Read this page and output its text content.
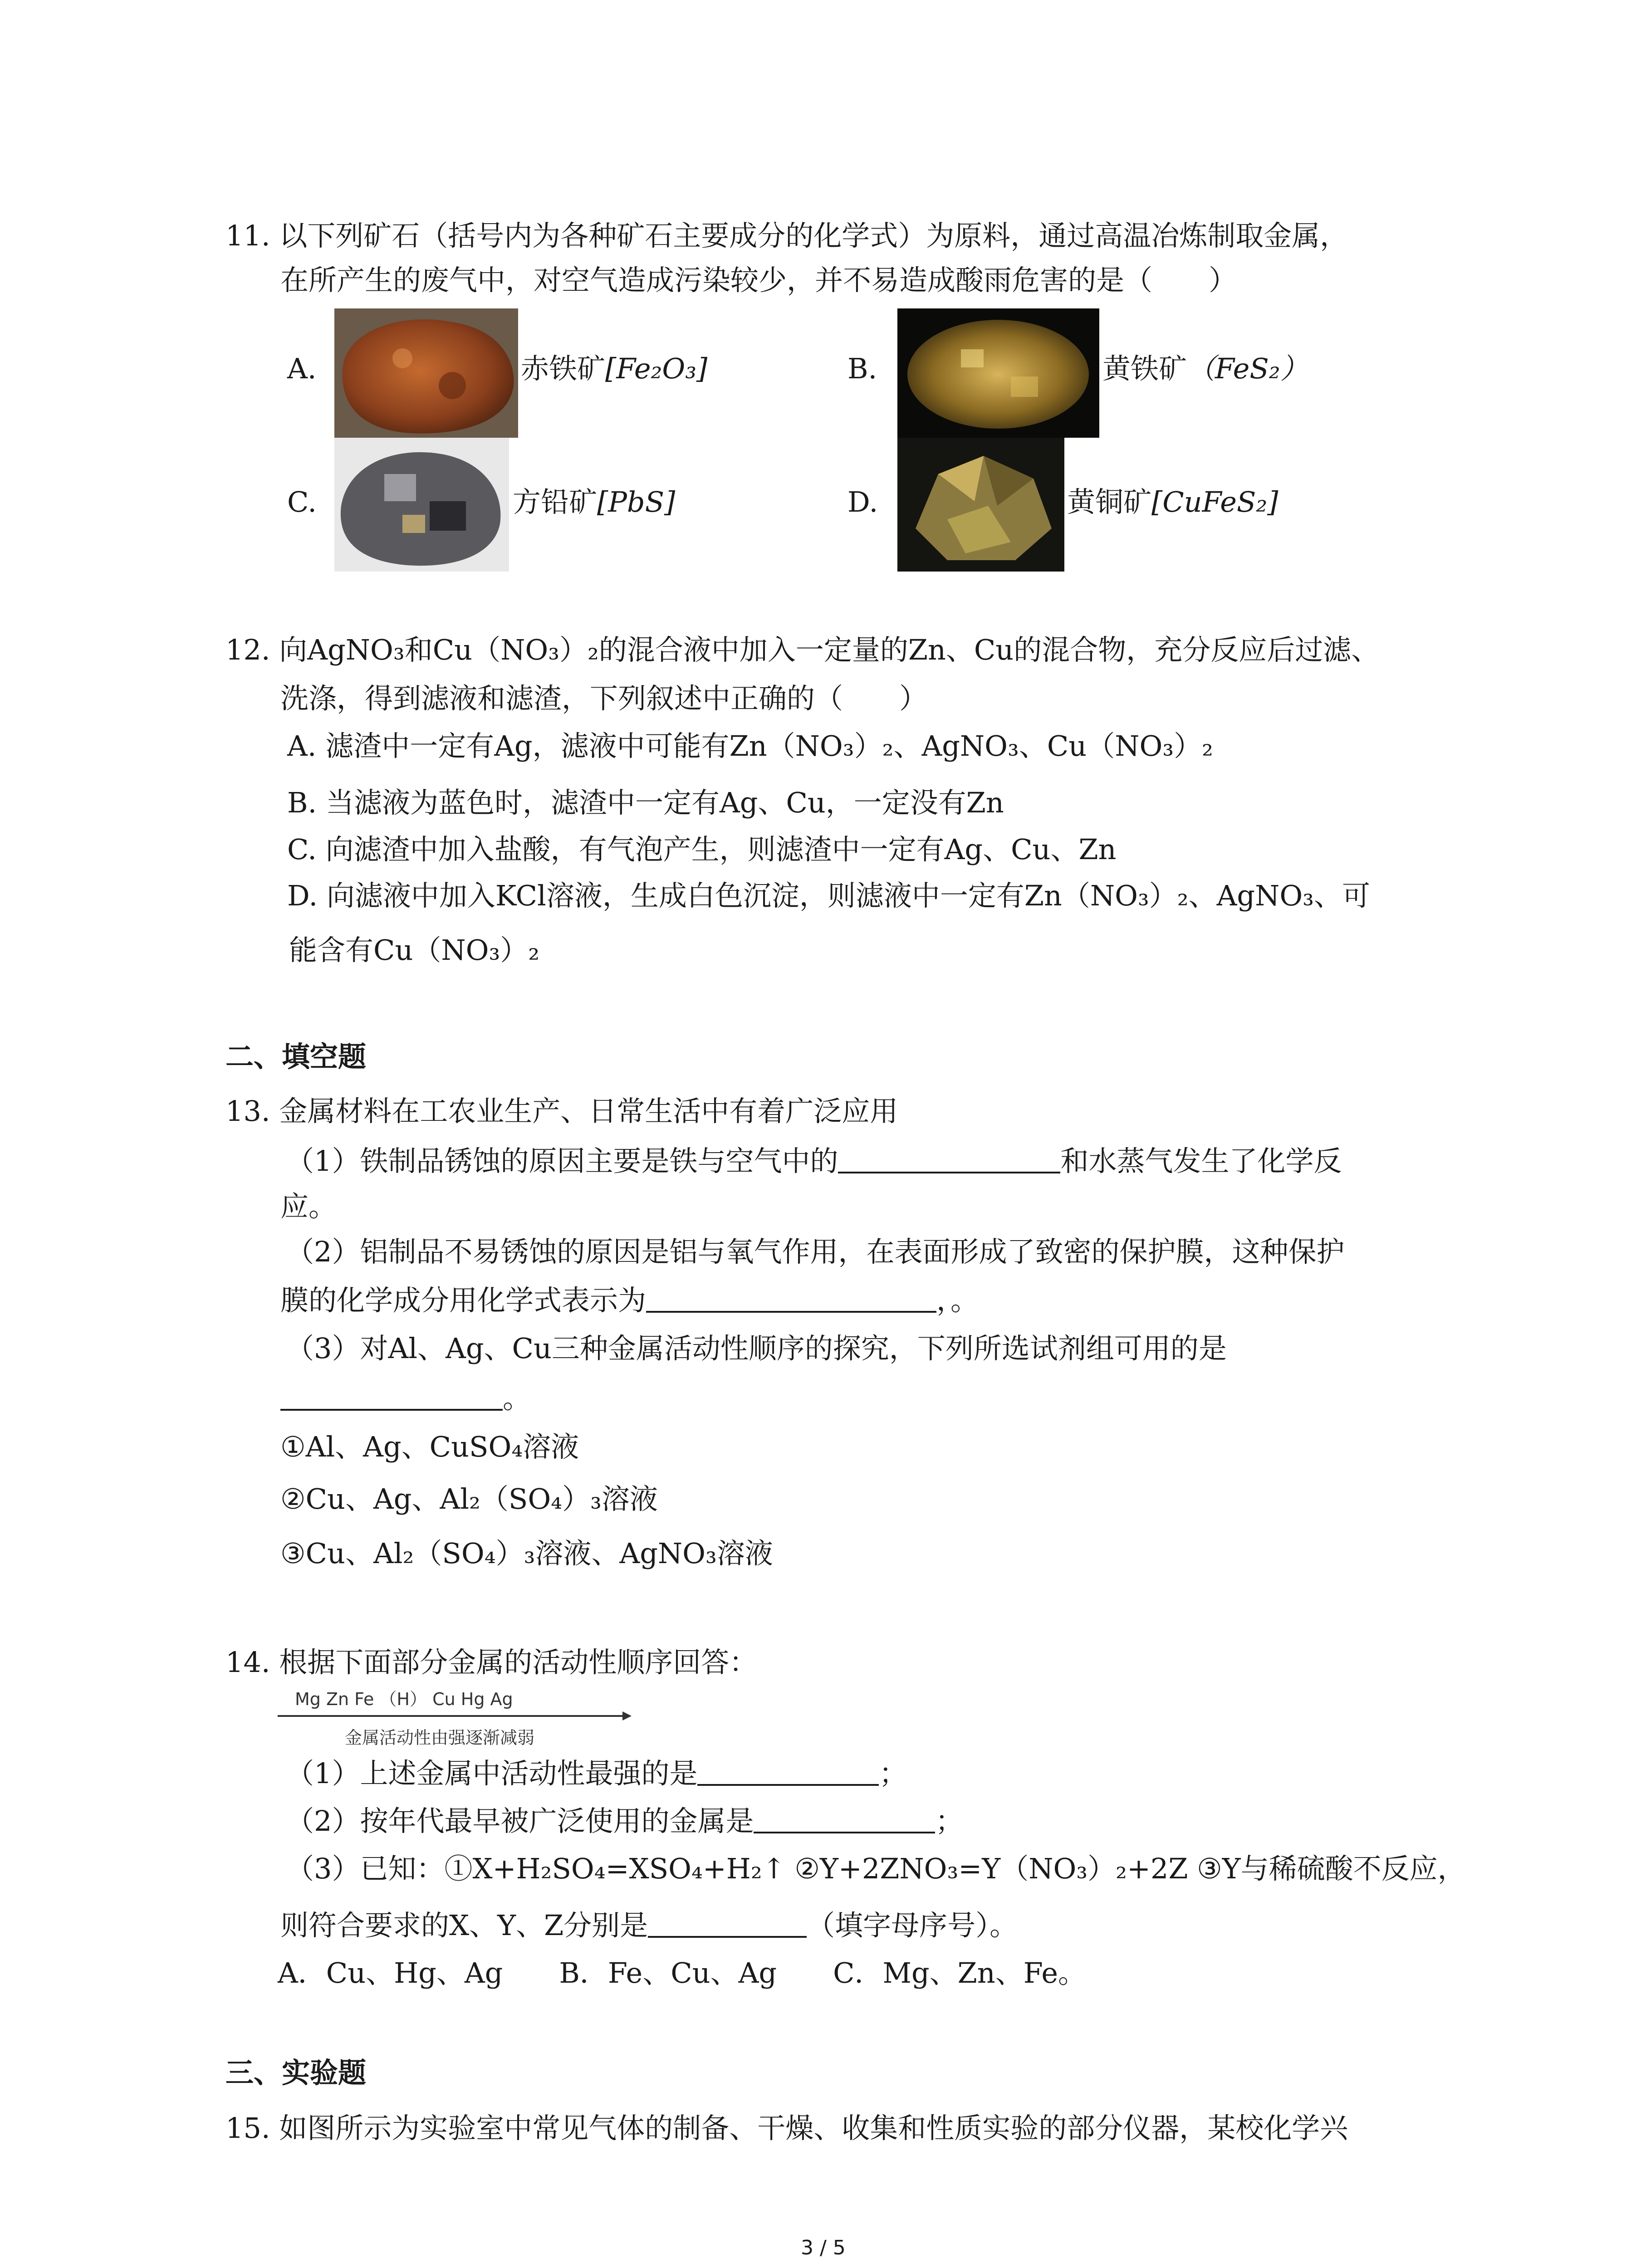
11. 以下列矿石（括号内为各种矿石主要成分的化学式）为原料，通过高温冶炼制取金属，
在所产生的废气中，对空气造成污染较少，并不易造成酸雨危害的是（　　）
A.	赤铁矿[Fe₂O₃]	B.	黄铁矿（FeS₂）
C.	方铅矿[PbS]	D.	黄铜矿[CuFeS₂]
12. 向AgNO₃和Cu（NO₃）₂的混合液中加入一定量的Zn、Cu的混合物，充分反应后过滤、
洗涤，得到滤液和滤渣，下列叙述中正确的（　　）
A. 滤渣中一定有Ag，滤液中可能有Zn（NO₃）₂、AgNO₃、Cu（NO₃）₂
B. 当滤液为蓝色时，滤渣中一定有Ag、Cu，一定没有Zn
C. 向滤渣中加入盐酸，有气泡产生，则滤渣中一定有Ag、Cu、Zn
D. 向滤液中加入KCl溶液，生成白色沉淀，则滤液中一定有Zn（NO₃）₂、AgNO₃、可
能含有Cu（NO₃）₂
二、填空题
13. 金属材料在工农业生产、日常生活中有着广泛应用
（1）铁制品锈蚀的原因主要是铁与空气中的	和水蒸气发生了化学反
应。
（2）铝制品不易锈蚀的原因是铝与氧气作用，在表面形成了致密的保护膜，这种保护
膜的化学成分用化学式表示为	，。
（3）对Al、Ag、Cu三种金属活动性顺序的探究，下列所选试剂组可用的是
。
①Al、Ag、CuSO₄溶液
②Cu、Ag、Al₂（SO₄）₃溶液
③Cu、Al₂（SO₄）₃溶液、AgNO₃溶液
14. 根据下面部分金属的活动性顺序回答：
Mg Zn Fe （H） Cu Hg Ag
金属活动性由强逐渐减弱
（1）上述金属中活动性最强的是	；
（2）按年代最早被广泛使用的金属是	；
（3）已知：①X+H₂SO₄=XSO₄+H₂↑ ②Y+2ZNO₃=Y（NO₃）₂+2Z ③Y与稀硫酸不反应，
则符合要求的X、Y、Z分别是	（填字母序号）。
A．Cu、Hg、Ag　　B．Fe、Cu、Ag　　C．Mg、Zn、Fe。
三、实验题
15. 如图所示为实验室中常见气体的制备、干燥、收集和性质实验的部分仪器，某校化学兴
3 / 5
